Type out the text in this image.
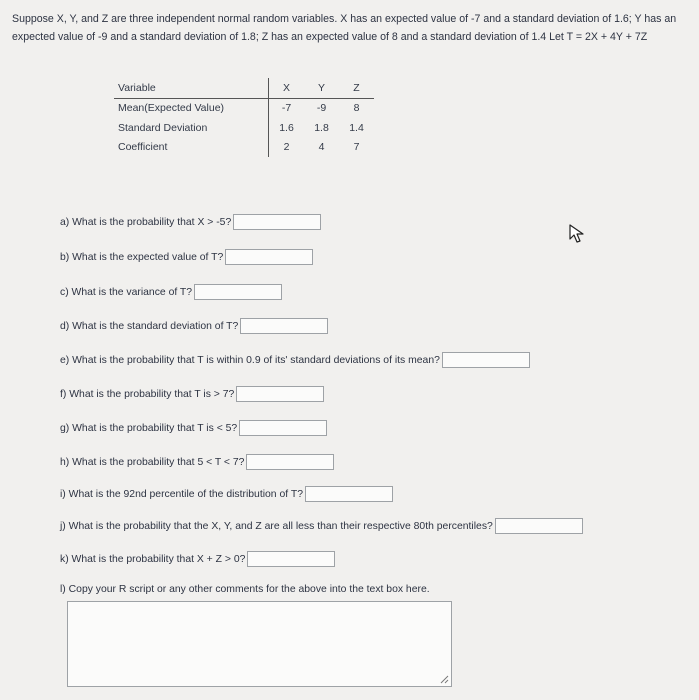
Suppose X, Y, and Z are three independent normal random variables. X has an expected value of -7 and a standard deviation of 1.6; Y has an expected value of -9 and a standard deviation of 1.8; Z has an expected value of 8 and a standard deviation of 1.4 Let T = 2X + 4Y + 7Z
Variable	X	Y	Z
Mean(Expected Value)	-7	-9	8
Standard Deviation	1.6	1.8	1.4
Coefficient	2	4	7
a) What is the probability that X > -5?
b) What is the expected value of T?
c) What is the variance of T?
d) What is the standard deviation of T?
e) What is the probability that T is within 0.9 of its' standard deviations of its mean?
f) What is the probability that T is > 7?
g) What is the probability that T is < 5?
h) What is the probability that 5 < T < 7?
i) What is the 92nd percentile of the distribution of T?
j) What is the probability that the X, Y, and Z are all less than their respective 80th percentiles?
k) What is the probability that X + Z > 0?
l) Copy your R script or any other comments for the above into the text box here.
